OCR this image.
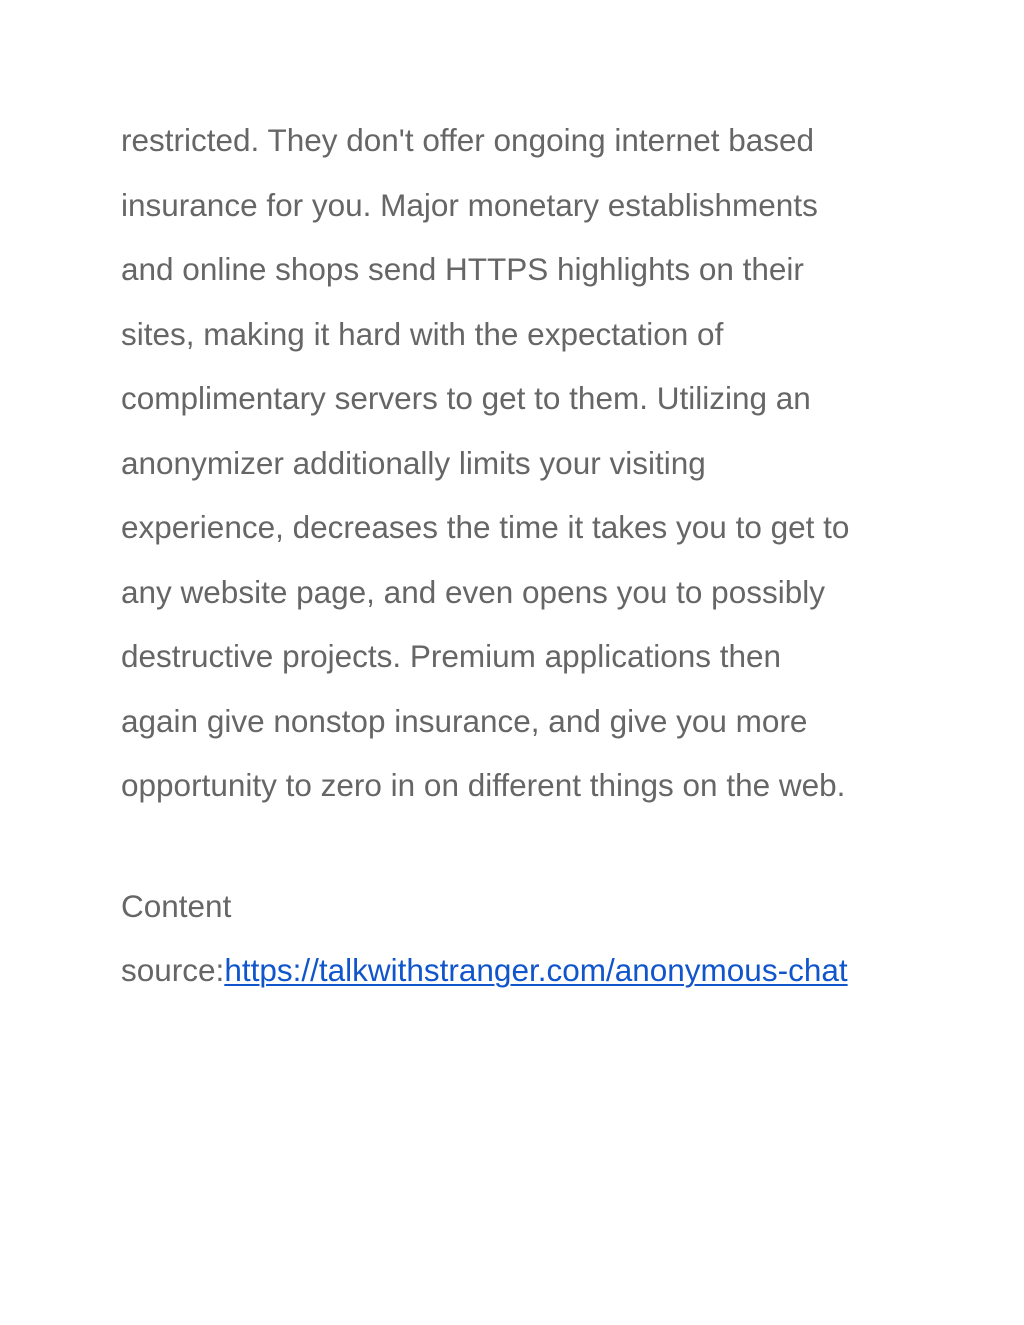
restricted. They don't offer ongoing internet based
insurance for you. Major monetary establishments
and online shops send HTTPS highlights on their
sites, making it hard with the expectation of
complimentary servers to get to them. Utilizing an
anonymizer additionally limits your visiting
experience, decreases the time it takes you to get to
any website page, and even opens you to possibly
destructive projects. Premium applications then
again give nonstop insurance, and give you more
opportunity to zero in on different things on the web.
Content
source:https://talkwithstranger.com/anonymous-chat
